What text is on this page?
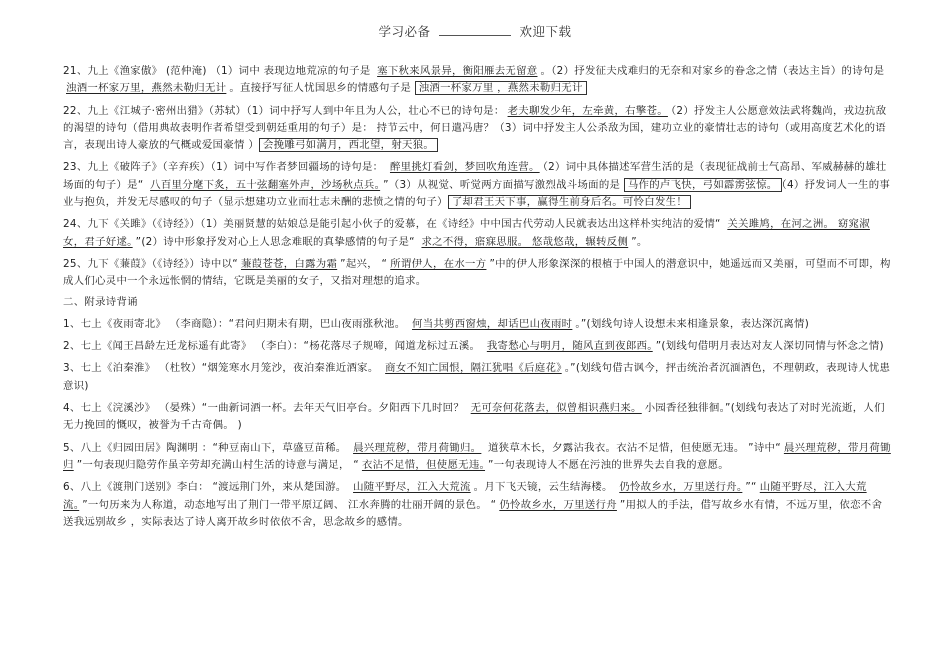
学习必备	欢迎下载
21、九上《渔家傲》 (范仲淹) （1）词中 表现边地荒凉的句子是 塞下秋来风景异，衡阳雁去无留意 。（2）抒发征夫戍难归的无奈和对家乡的眷念之情（表达主旨）的诗句是 浊酒一杯家万里，燕然未勒归无计 。直接抒写征人忧国思乡的情感句子是 浊酒一杯家万里 ，燕然未勒归无计
22、九上《江城子·密州出猎》（苏轼）（1）词中抒写人到中年且为人公，壮心不已的诗句是： 老夫聊发少年，左牵黄，右擎苍。 （2）抒发主人公愿意效法武将魏尚，戎边抗敌的渴望的诗句（借用典故表明作者希望受到朝廷重用的句子）是： 持节云中，何日遣冯唐？（3）词中抒发主人公杀敌为国，建功立业的豪情壮志的诗句（或用高度艺术化的语言，表现出诗人豪放的气概或爱国豪情 ） 会挽雕弓如满月，西北望，射天狼。
23、九上《破阵子》（辛弃疾）（1）词中写作者梦回疆场的诗句是： 醉里挑灯看剑，梦回吹角连营。 （2）词中具体描述军营生活的是（表现征战前士气高昂、军威赫赫的雄壮场面的句子）是“ 八百里分麾下炙，五十弦翻塞外声，沙场秋点兵。 ”（3）从视觉、听觉两方面描写激烈战斗场面的是 马作的卢飞快，弓如霹雳弦惊。 （4）抒发词人一生的事业与抱负，并发无尽感叹的句子（显示想建功立业而壮志未酬的悲愤之情的句子） 了却君王天下事，赢得生前身后名。可怜白发生！
24、九下《关雎》（《诗经》）（1）美丽贤慧的姑娘总是能引起小伙子的爱慕，在《诗经》中中国古代劳动人民就表达出这样朴实纯洁的爱情“ 关关雎鸠，在河之洲。 窈窕淑女，君子好逑。 ”(2）诗中形象抒发对心上人思念难眠的真挚感情的句子是“ 求之不得，寤寐思服。 悠哉悠哉，辗转反侧 ”。
25、九下《蒹葭》（《诗经》）诗中以“ 蒹葭苍苍，白露为霜 ”起兴， “ 所谓伊人，在水一方 ”中的伊人形象深深的根植于中国人的潜意识中，她遥远而又美丽，可望而不可即，构成人们心灵中一个永远怅惘的情结，它既是美丽的女子，又指对理想的追求。
二、附录诗背诵
1、七上《夜雨寄北》 （李商隐）：“君问归期未有期，巴山夜雨涨秋池。 何当共剪西窗烛，却话巴山夜雨时 。”(划线句诗人设想未来相逢景象，表达深沉离情)
2、七上《闻王昌龄左迁龙标遥有此寄》 （李白）：“杨花落尽子规啼，闻道龙标过五溪。 我寄愁心与明月，随风直到夜郎西。 ”(划线句借明月表达对友人深切同情与怀念之情)
3、七上《泊秦淮》 （杜牧）“烟笼寒水月笼沙，夜泊秦淮近酒家。 商女不知亡国恨，隔江犹唱《后庭花》 。”(划线句借古讽今，抨击统治者沉湎酒色，不理朝政，表现诗人忧患意识)
4、七上《浣溪沙》 （晏殊）“一曲新词酒一杯。去年天气旧亭台。夕阳西下几时回？ 无可奈何花落去，似曾相识燕归来。 小园香径独徘徊。”(划线句表达了对时光流逝，人们无力挽回的慨叹，被誉为千古奇偶。 )
5、八上《归园田居》陶渊明 ：“种豆南山下，草盛豆苗稀。 晨兴理荒秽，带月荷锄归。 道狭草木长，夕露沾我衣。衣沾不足惜，但使愿无违。 ”诗中“ 晨兴理荒秽，带月荷锄归 ”一句表现归隐劳作虽辛劳却充满山村生活的诗意与满足， “ 衣沾不足惜，但使愿无违。 ”一句表现诗人不愿在污浊的世界失去自我的意愿。
6、八上《渡荆门送别》李白： “渡远荆门外，来从楚国游。 山随平野尽，江入大荒流 。月下飞天镜，云生结海楼。 仍怜故乡水，万里送行舟。 ”“ 山随平野尽，江入大荒流。 ”一句历来为人称道，动态地写出了荆门一带平原辽阔、 江水奔腾的壮丽开阔的景色。 “ 仍怜故乡水，万里送行舟 ”用拟人的手法，借写故乡水有情，不远万里，依恋不舍送我远别故乡 ，实际表达了诗人离开故乡时依依不舍，思念故乡的感情。
